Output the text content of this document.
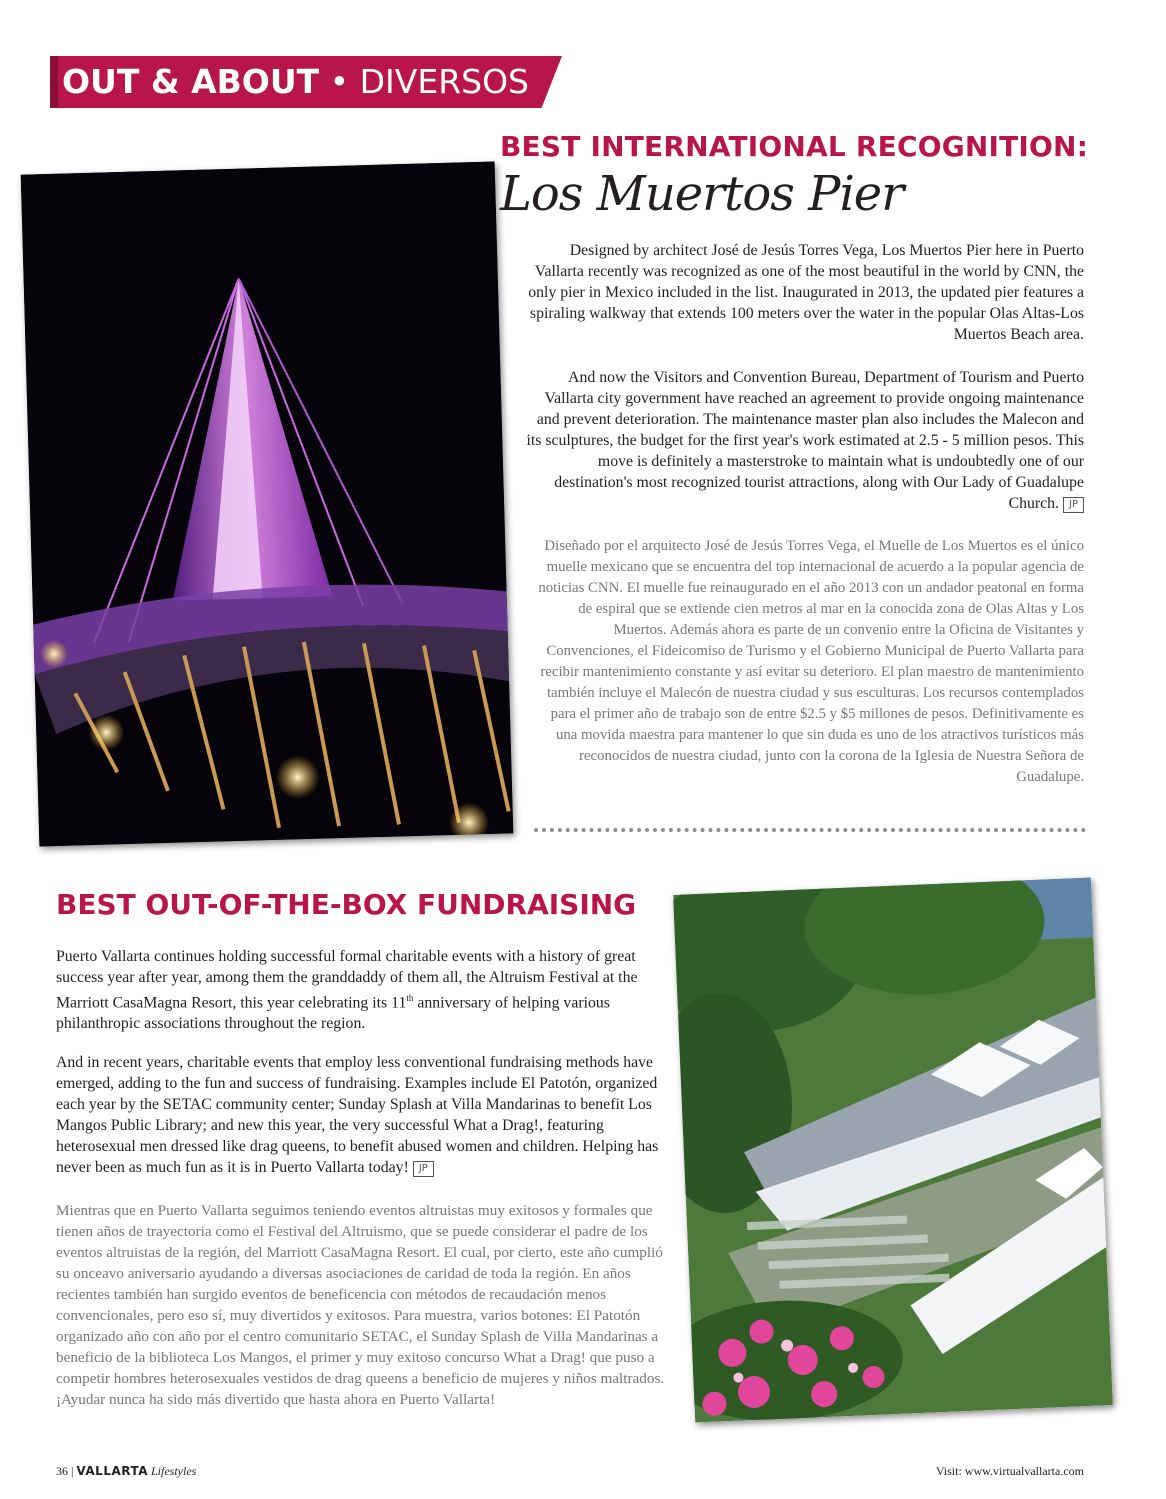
OUT & ABOUT • DIVERSOS
BEST INTERNATIONAL RECOGNITION:
Los Muertos Pier
Designed by architect José de Jesús Torres Vega, Los Muertos Pier here in Puerto Vallarta recently was recognized as one of the most beautiful in the world by CNN, the only pier in Mexico included in the list. Inaugurated in 2013, the updated pier features a spiraling walkway that extends 100 meters over the water in the popular Olas Altas-Los Muertos Beach area.
And now the Visitors and Convention Bureau, Department of Tourism and Puerto Vallarta city government have reached an agreement to provide ongoing maintenance and prevent deterioration. The maintenance master plan also includes the Malecon and its sculptures, the budget for the first year's work estimated at 2.5 - 5 million pesos. This move is definitely a masterstroke to maintain what is undoubtedly one of our destination's most recognized tourist attractions, along with Our Lady of Guadalupe Church. JP
Diseñado por el arquitecto José de Jesús Torres Vega, el Muelle de Los Muertos es el único muelle mexicano que se encuentra del top internacional de acuerdo a la popular agencia de noticias CNN. El muelle fue reinaugurado en el año 2013 con un andador peatonal en forma de espiral que se extiende cien metros al mar en la conocida zona de Olas Altas y Los Muertos. Además ahora es parte de un convenio entre la Oficina de Visitantes y Convenciones, el Fideicomiso de Turismo y el Gobierno Municipal de Puerto Vallarta para recibir mantenimiento constante y así evitar su deterioro. El plan maestro de mantenimiento también incluye el Malecón de nuestra ciudad y sus esculturas. Los recursos contemplados para el primer año de trabajo son de entre $2.5 y $5 millones de pesos. Definitivamente es una movida maestra para mantener lo que sin duda es uno de los atractivos turísticos más reconocidos de nuestra ciudad, junto con la corona de la Iglesia de Nuestra Señora de Guadalupe.
BEST OUT-OF-THE-BOX FUNDRAISING
Puerto Vallarta continues holding successful formal charitable events with a history of great success year after year, among them the granddaddy of them all, the Altruism Festival at the Marriott CasaMagna Resort, this year celebrating its 11th anniversary of helping various philanthropic associations throughout the region.
And in recent years, charitable events that employ less conventional fundraising methods have emerged, adding to the fun and success of fundraising. Examples include El Patotón, organized each year by the SETAC community center; Sunday Splash at Villa Mandarinas to benefit Los Mangos Public Library; and new this year, the very successful What a Drag!, featuring heterosexual men dressed like drag queens, to benefit abused women and children. Helping has never been as much fun as it is in Puerto Vallarta today! JP
Mientras que en Puerto Vallarta seguimos teniendo eventos altruistas muy exitosos y formales que tienen años de trayectoria como el Festival del Altruismo, que se puede considerar el padre de los eventos altruistas de la región, del Marriott CasaMagna Resort. El cual, por cierto, este año cumplió su onceavo aniversario ayudando a diversas asociaciones de caridad de toda la región. En años recientes también han surgido eventos de beneficencia con métodos de recaudación menos convencionales, pero eso sí, muy divertidos y exitosos. Para muestra, varios botones: El Patotón organizado año con año por el centro comunitario SETAC, el Sunday Splash de Villa Mandarinas a beneficio de la biblioteca Los Mangos, el primer y muy exitoso concurso What a Drag! que puso a competir hombres heterosexuales vestidos de drag queens a beneficio de mujeres y niños maltrados. ¡Ayudar nunca ha sido más divertido que hasta ahora en Puerto Vallarta!
36 | VALLARTA Lifestyles	Visit: www.virtualvallarta.com
